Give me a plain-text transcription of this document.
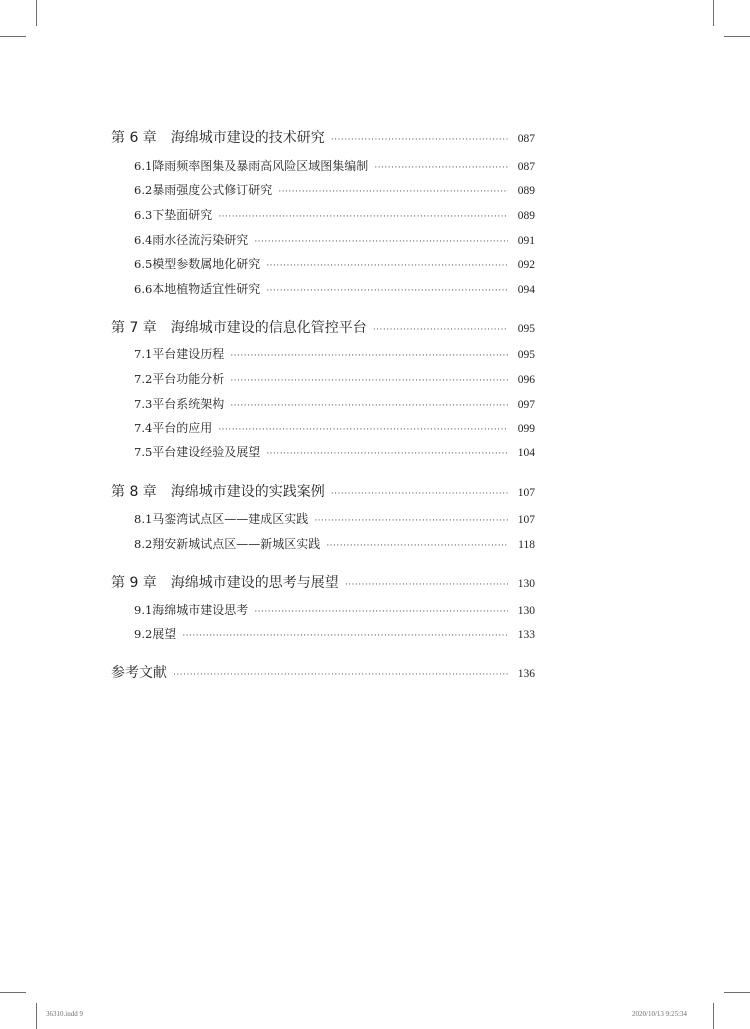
第 6 章 海绵城市建设的技术研究 ·····	087
6.1 降雨频率图集及暴雨高风险区域图集编制 ·····	087
6.2 暴雨强度公式修订研究 ·····	089
6.3 下垫面研究 ·····	089
6.4 雨水径流污染研究 ·····	091
6.5 模型参数属地化研究 ·····	092
6.6 本地植物适宜性研究 ·····	094
第 7 章 海绵城市建设的信息化管控平台 ·····	095
7.1 平台建设历程 ·····	095
7.2 平台功能分析 ·····	096
7.3 平台系统架构 ·····	097
7.4 平台的应用 ·····	099
7.5 平台建设经验及展望 ·····	104
第 8 章 海绵城市建设的实践案例 ·····	107
8.1 马銮湾试点区——建成区实践 ·····	107
8.2 翔安新城试点区——新城区实践 ·····	118
第 9 章 海绵城市建设的思考与展望 ·····	130
9.1 海绵城市建设思考 ·····	130
9.2 展望 ·····	133
参考文献 ·····	136
36310.indd 9	2020/10/13 9:25:34
